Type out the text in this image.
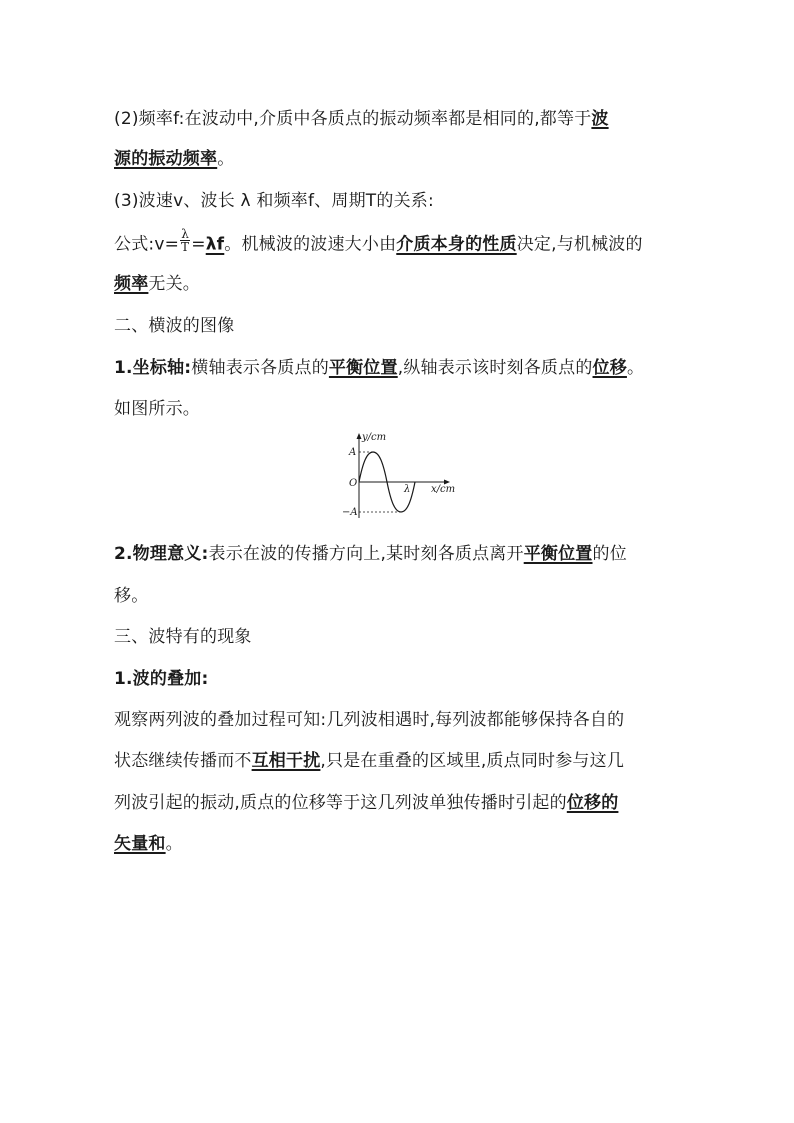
(2)频率f:在波动中,介质中各质点的振动频率都是相同的,都等于波
源的振动频率。
(3)波速v、波长 λ 和频率f、周期T的关系:
公式:v= $\frac{\lambda}{T} =\lambda f$。机械波的波速大小由介质本身的性质决定,与机械波的
频率无关。
二、横波的图像
1.坐标轴:横轴表示各质点的平衡位置,纵轴表示该时刻各质点的位移。
如图所示。
y/cm
x/cm
O
A
−A
λ
2.物理意义:表示在波的传播方向上,某时刻各质点离开平衡位置的位
移。
三、波特有的现象
1.波的叠加:
观察两列波的叠加过程可知:几列波相遇时,每列波都能够保持各自的
状态继续传播而不互相干扰,只是在重叠的区域里,质点同时参与这几
列波引起的振动,质点的位移等于这几列波单独传播时引起的位移的
矢量和。
